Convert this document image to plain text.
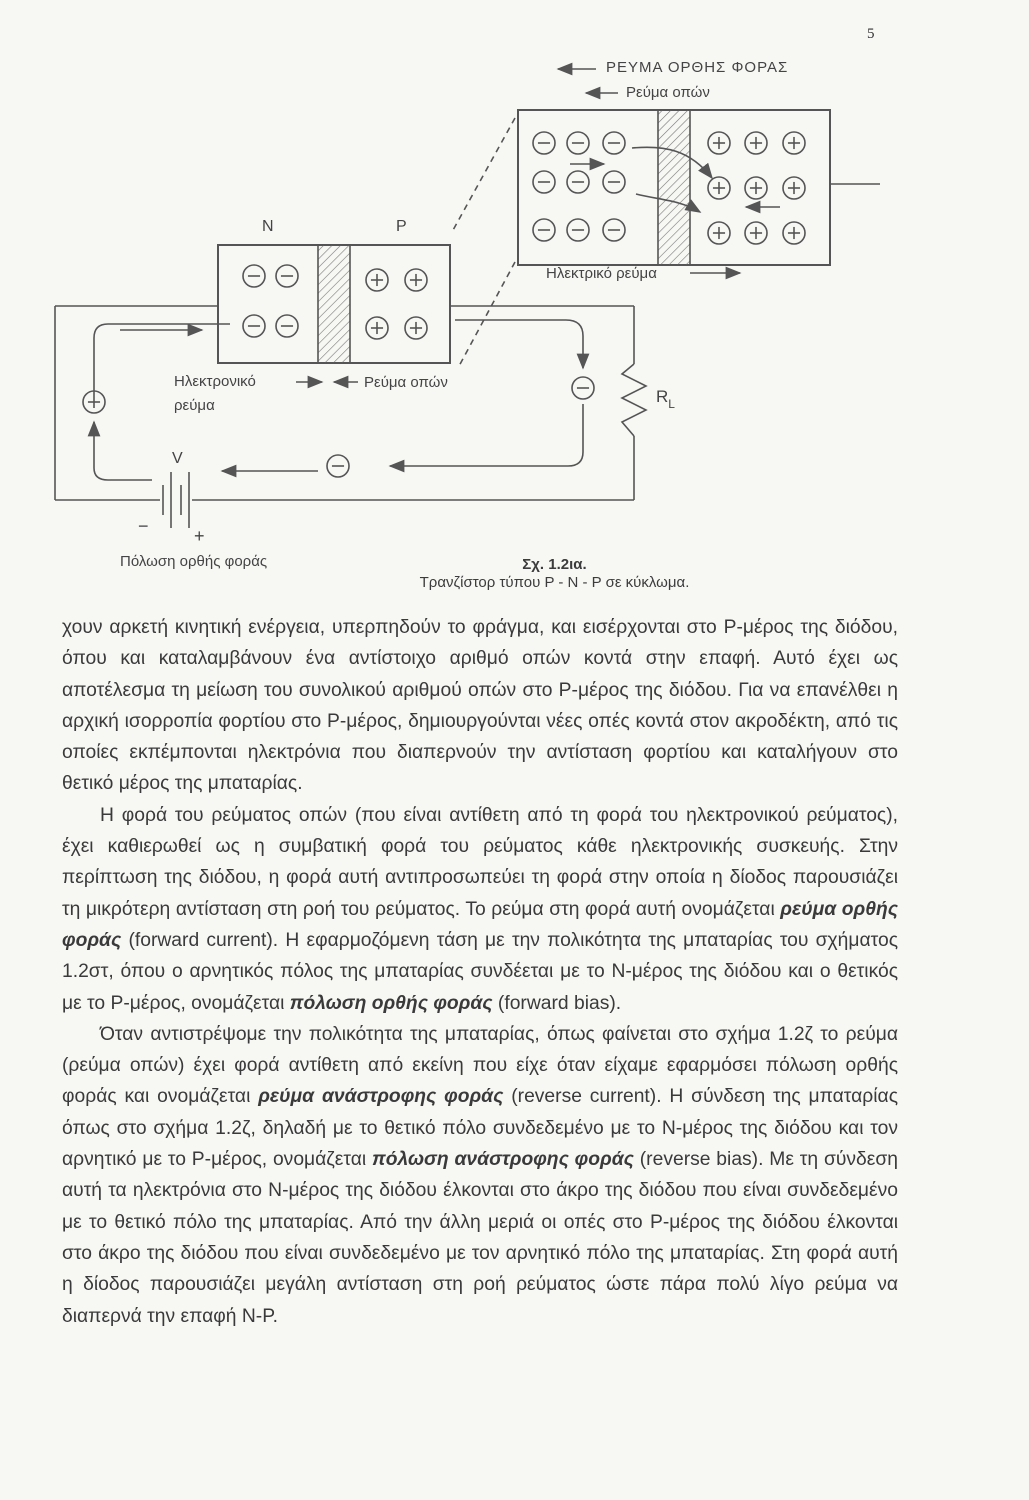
5
ΡΕΥΜΑ ΟΡΘΗΣ ΦΟΡΑΣ
Ρεύμα οπών
Ηλεκτρικό ρεύμα
N	P
Ηλεκτρονικό
ρεύμα
Ρεύμα οπών
V
$R_L$
−	+
Πόλωση ορθής φοράς	Σχ. 1.2ια.
Τρανζίστορ τύπου P - N - P σε κύκλωμα.

χουν αρκετή κινητική ενέργεια, υπερπηδούν το φράγμα, και εισέρχονται στο P-μέρος της διόδου, όπου και καταλαμβάνουν ένα αντίστοιχο αριθμό οπών κοντά στην επαφή. Αυτό έχει ως αποτέλεσμα τη μείωση του συνολικού αριθμού οπών στο P-μέρος της διόδου. Για να επανέλθει η αρχική ισορροπία φορτίου στο P-μέρος, δημιουργούνται νέες οπές κοντά στον ακροδέκτη, από τις οποίες εκπέμπονται ηλεκτρόνια που διαπερνούν την αντίσταση φορτίου και καταλήγουν στο θετικό μέρος της μπαταρίας.

Η φορά του ρεύματος οπών (που είναι αντίθετη από τη φορά του ηλεκτρονικού ρεύματος), έχει καθιερωθεί ως η συμβατική φορά του ρεύματος κάθε ηλεκτρονικής συσκευής. Στην περίπτωση της διόδου, η φορά αυτή αντιπροσωπεύει τη φορά στην οποία η δίοδος παρουσιάζει τη μικρότερη αντίσταση στη ροή του ρεύματος. Το ρεύμα στη φορά αυτή ονομάζεται ρεύμα ορθής φοράς (forward current). Η εφαρμοζόμενη τάση με την πολικότητα της μπαταρίας του σχήματος 1.2στ, όπου ο αρνητικός πόλος της μπαταρίας συνδέεται με το N-μέρος της διόδου και ο θετικός με το P-μέρος, ονομάζεται πόλωση ορθής φοράς (forward bias).

Όταν αντιστρέψομε την πολικότητα της μπαταρίας, όπως φαίνεται στο σχήμα 1.2ζ το ρεύμα (ρεύμα οπών) έχει φορά αντίθετη από εκείνη που είχε όταν είχαμε εφαρμόσει πόλωση ορθής φοράς και ονομάζεται ρεύμα ανάστροφης φοράς (reverse current). Η σύνδεση της μπαταρίας όπως στο σχήμα 1.2ζ, δηλαδή με το θετικό πόλο συνδεδεμένο με το N-μέρος της διόδου και τον αρνητικό με το P-μέρος, ονομάζεται πόλωση ανάστροφης φοράς (reverse bias). Με τη σύνδεση αυτή τα ηλεκτρόνια στο N-μέρος της διόδου έλκονται στο άκρο της διόδου που είναι συνδεδεμένο με το θετικό πόλο της μπαταρίας. Από την άλλη μεριά οι οπές στο P-μέρος της διόδου έλκονται στο άκρο της διόδου που είναι συνδεδεμένο με τον αρνητικό πόλο της μπαταρίας. Στη φορά αυτή η δίοδος παρουσιάζει μεγάλη αντίσταση στη ροή ρεύματος ώστε πάρα πολύ λίγο ρεύμα να διαπερνά την επαφή N-P.
